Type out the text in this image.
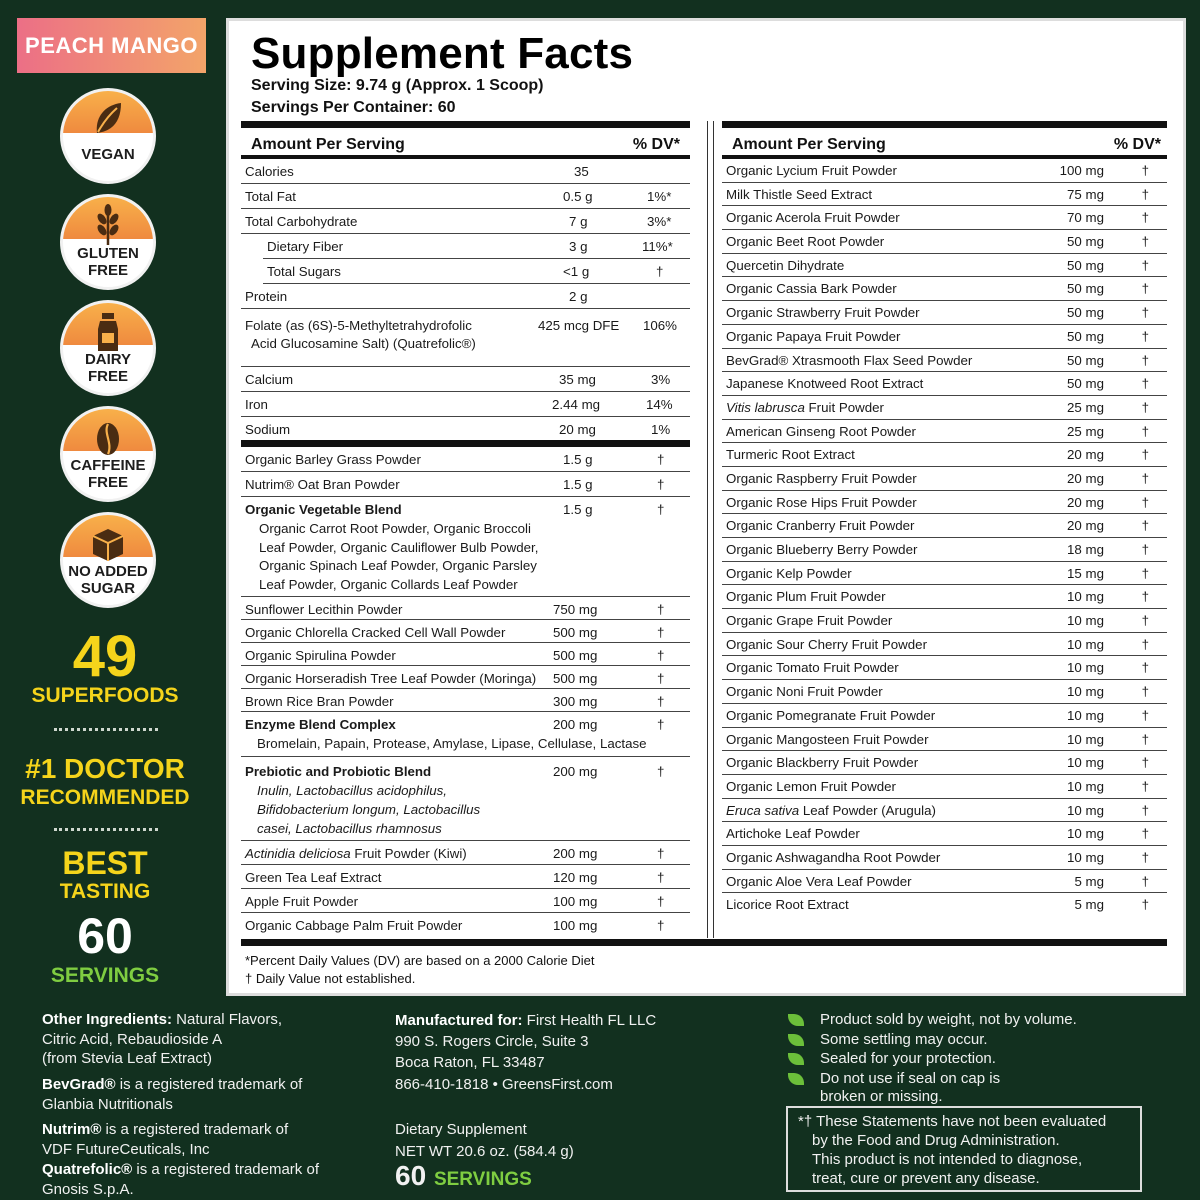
PEACH MANGO
VEGAN
GLUTEN
FREE
DAIRY
FREE
CAFFEINE
FREE
NO ADDED
SUGAR
49
SUPERFOODS
#1 DOCTOR
RECOMMENDED
BEST
TASTING
60
SERVINGS
Supplement Facts
Serving Size: 9.74 g (Approx. 1 Scoop)
Servings Per Container: 60
Amount Per Serving	% DV*
Calories	35
Total Fat	0.5 g	1%*
Total Carbohydrate	7 g	3%*
Dietary Fiber	3 g	11%*
Total Sugars	<1 g	†
Protein	2 g
Folate (as (6S)-5-Methyltetrahydrofolic
Acid Glucosamine Salt) (Quatrefolic®)
425 mcg DFE 106%
Calcium	35 mg	3%
Iron	2.44 mg	14%
Sodium	20 mg	1%
Organic Barley Grass Powder	1.5 g	†
Nutrim® Oat Bran Powder	1.5 g	†
Organic Vegetable Blend	1.5 g	†
Organic Carrot Root Powder, Organic Broccoli
Leaf Powder, Organic Cauliflower Bulb Powder,
Organic Spinach Leaf Powder, Organic Parsley
Leaf Powder, Organic Collards Leaf Powder
Sunflower Lecithin Powder	750 mg	†
Organic Chlorella Cracked Cell Wall Powder	500 mg	†
Organic Spirulina Powder	500 mg	†
Organic Horseradish Tree Leaf Powder (Moringa) 500 mg	†
Brown Rice Bran Powder	300 mg	†
Enzyme Blend Complex	200 mg	†
Bromelain, Papain, Protease, Amylase, Lipase, Cellulase, Lactase
Prebiotic and Probiotic Blend	200 mg	†
Inulin, Lactobacillus acidophilus,
Bifidobacterium longum, Lactobacillus
casei, Lactobacillus rhamnosus
Actinidia deliciosa Fruit Powder (Kiwi)	200 mg	†
Green Tea Leaf Extract	120 mg	†
Apple Fruit Powder	100 mg	†
Organic Cabbage Palm Fruit Powder	100 mg	†
Amount Per Serving	% DV*
Organic Lycium Fruit Powder	100 mg	†
Milk Thistle Seed Extract	75 mg	†
Organic Acerola Fruit Powder	70 mg	†
Organic Beet Root Powder	50 mg	†
Quercetin Dihydrate	50 mg	†
Organic Cassia Bark Powder	50 mg	†
Organic Strawberry Fruit Powder	50 mg	†
Organic Papaya Fruit Powder	50 mg	†
BevGrad® Xtrasmooth Flax Seed Powder	50 mg	†
Japanese Knotweed Root Extract	50 mg	†
Vitis labrusca Fruit Powder	25 mg	†
American Ginseng Root Powder	25 mg	†
Turmeric Root Extract	20 mg	†
Organic Raspberry Fruit Powder	20 mg	†
Organic Rose Hips Fruit Powder	20 mg	†
Organic Cranberry Fruit Powder	20 mg	†
Organic Blueberry Berry Powder	18 mg	†
Organic Kelp Powder	15 mg	†
Organic Plum Fruit Powder	10 mg	†
Organic Grape Fruit Powder	10 mg	†
Organic Sour Cherry Fruit Powder	10 mg	†
Organic Tomato Fruit Powder	10 mg	†
Organic Noni Fruit Powder	10 mg	†
Organic Pomegranate Fruit Powder	10 mg	†
Organic Mangosteen Fruit Powder	10 mg	†
Organic Blackberry Fruit Powder	10 mg	†
Organic Lemon Fruit Powder	10 mg	†
Eruca sativa Leaf Powder (Arugula)	10 mg	†
Artichoke Leaf Powder	10 mg	†
Organic Ashwagandha Root Powder	10 mg	†
Organic Aloe Vera Leaf Powder	5 mg	†
Licorice Root Extract	5 mg	†
*Percent Daily Values (DV) are based on a 2000 Calorie Diet
† Daily Value not established.
Other Ingredients: Natural Flavors,
Citric Acid, Rebaudioside A
(from Stevia Leaf Extract)
BevGrad® is a registered trademark of
Glanbia Nutritionals
Nutrim® is a registered trademark of
VDF FutureCeuticals, Inc
Quatrefolic® is a registered trademark of
Gnosis S.p.A.
Manufactured for: First Health FL LLC
990 S. Rogers Circle, Suite 3
Boca Raton, FL 33487
866-410-1818 • GreensFirst.com
Dietary Supplement
NET WT 20.6 oz. (584.4 g)
60 SERVINGS
Product sold by weight, not by volume.
Some settling may occur.
Sealed for your protection.
Do not use if seal on cap is
broken or missing.
*† These Statements have not been evaluated
by the Food and Drug Administration.
This product is not intended to diagnose,
treat, cure or prevent any disease.
